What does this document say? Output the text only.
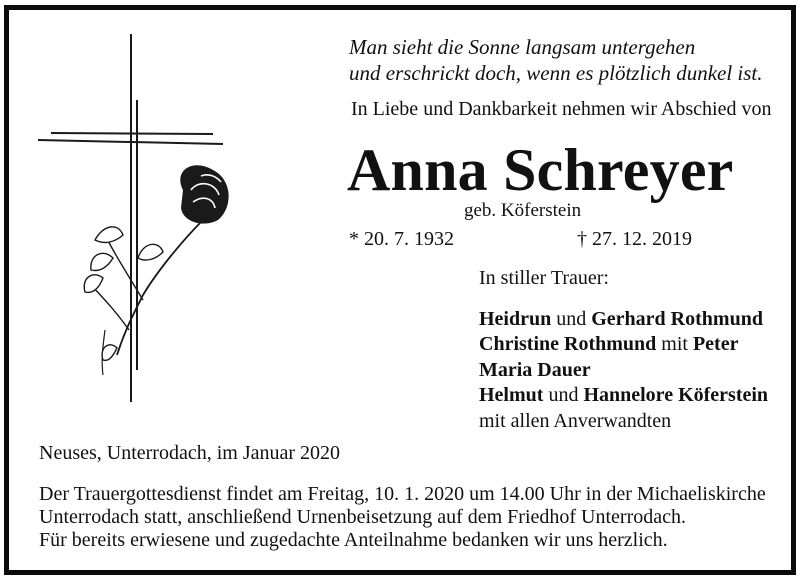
Man sieht die Sonne langsam untergehen
und erschrickt doch, wenn es plötzlich dunkel ist.
In Liebe und Dankbarkeit nehmen wir Abschied von
Anna Schreyer
geb. Köferstein
* 20. 7. 1932	† 27. 12. 2019
In stiller Trauer:
Heidrun und Gerhard Rothmund
Christine Rothmund mit Peter
Maria Dauer
Helmut und Hannelore Köferstein
mit allen Anverwandten
Neuses, Unterrodach, im Januar 2020
Der Trauergottesdienst findet am Freitag, 10. 1. 2020 um 14.00 Uhr in der Michaeliskirche
Unterrodach statt, anschließend Urnenbeisetzung auf dem Friedhof Unterrodach.
Für bereits erwiesene und zugedachte Anteilnahme bedanken wir uns herzlich.
